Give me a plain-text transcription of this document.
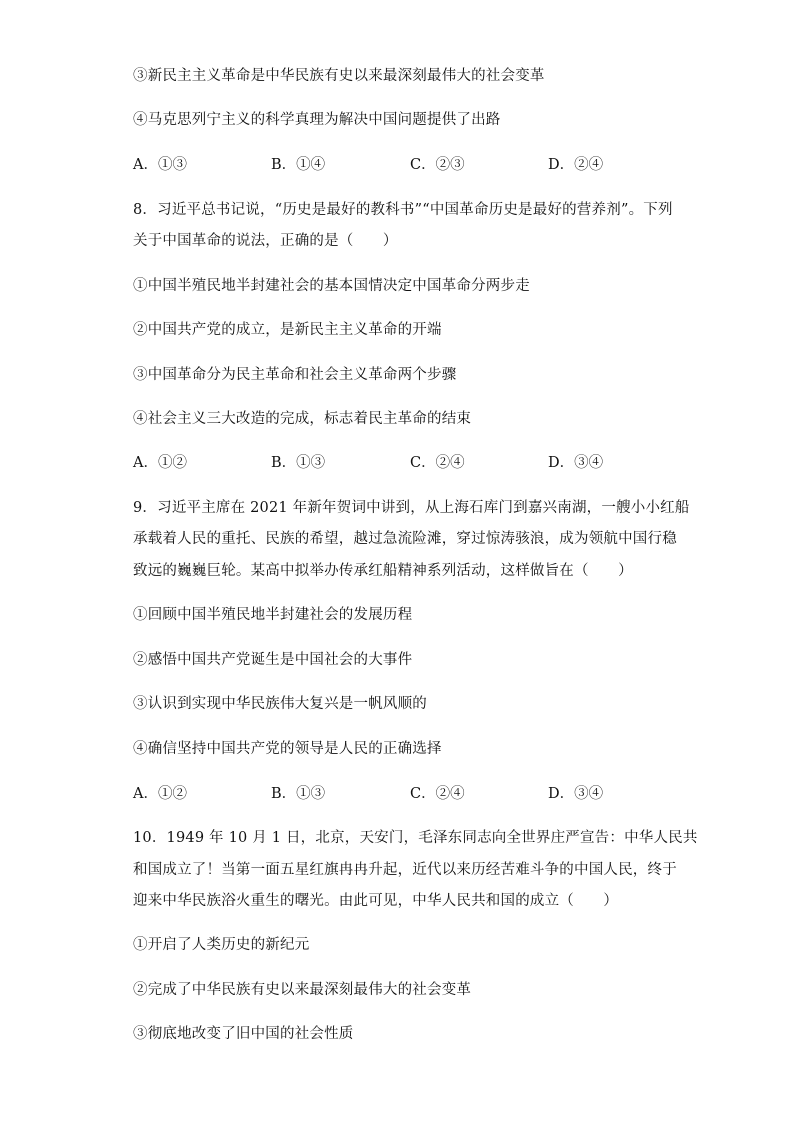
③新民主主义革命是中华民族有史以来最深刻最伟大的社会变革
④马克思列宁主义的科学真理为解决中国问题提供了出路
A．①③	B．①④	C．②③	D．②④
8．习近平总书记说，“历史是最好的教科书”“中国革命历史是最好的营养剂”。下列
关于中国革命的说法，正确的是（　　）
①中国半殖民地半封建社会的基本国情决定中国革命分两步走
②中国共产党的成立，是新民主主义革命的开端
③中国革命分为民主革命和社会主义革命两个步骤
④社会主义三大改造的完成，标志着民主革命的结束
A．①②	B．①③	C．②④	D．③④
9．习近平主席在 2021 年新年贺词中讲到，从上海石库门到嘉兴南湖，一艘小小红船
承载着人民的重托、民族的希望，越过急流险滩，穿过惊涛骇浪，成为领航中国行稳
致远的巍巍巨轮。某高中拟举办传承红船精神系列活动，这样做旨在（　　）
①回顾中国半殖民地半封建社会的发展历程
②感悟中国共产党诞生是中国社会的大事件
③认识到实现中华民族伟大复兴是一帆风顺的
④确信坚持中国共产党的领导是人民的正确选择
A．①②	B．①③	C．②④	D．③④
10．1949 年 10 月 1 日，北京，天安门，毛泽东同志向全世界庄严宣告：中华人民共
和国成立了！当第一面五星红旗冉冉升起，近代以来历经苦难斗争的中国人民，终于
迎来中华民族浴火重生的曙光。由此可见，中华人民共和国的成立（　　）
①开启了人类历史的新纪元
②完成了中华民族有史以来最深刻最伟大的社会变革
③彻底地改变了旧中国的社会性质
